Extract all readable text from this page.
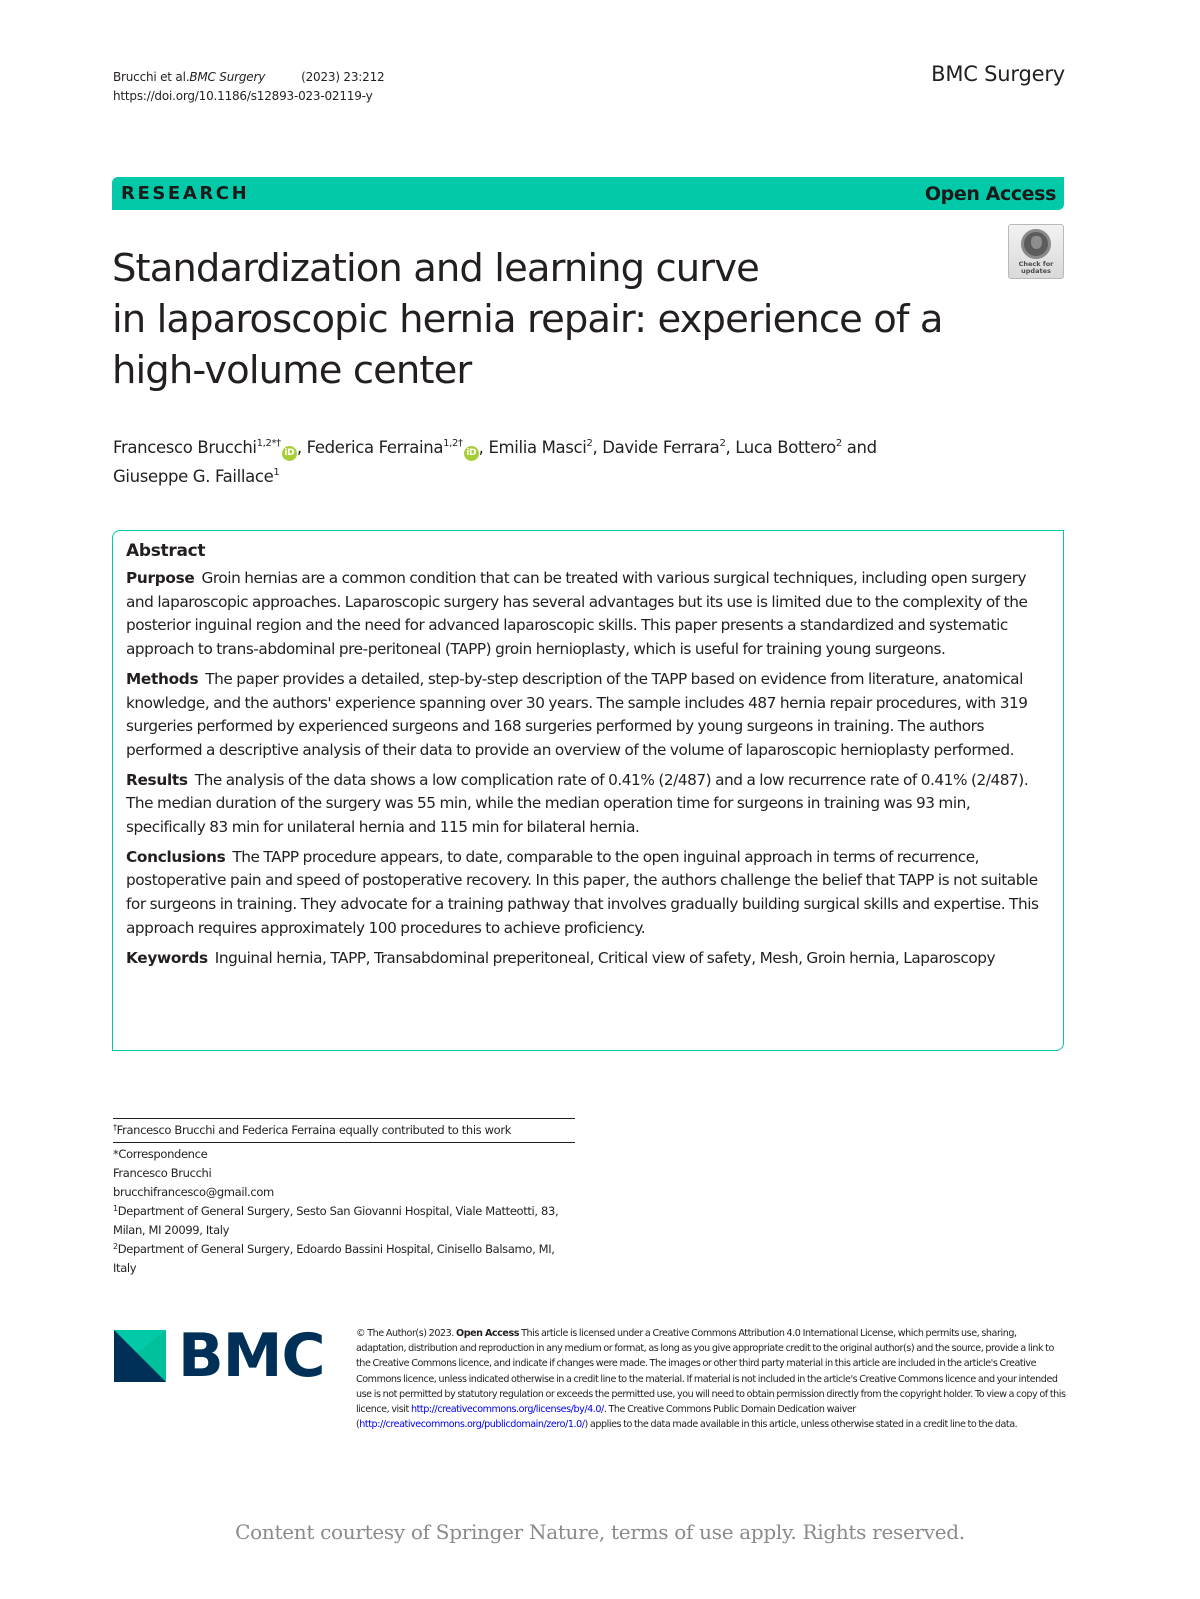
Brucchi et al. BMC Surgery	(2023) 23:212
https://doi.org/10.1186/s12893-023-02119-y
BMC Surgery
RESEARCH	Open Access
Check for
updates
Standardization and learning curve
in laparoscopic hernia repair: experience of a
high-volume center
Francesco Brucchi$^{1,2*\dagger}$iD , Federica Ferraina$^{1,2\dagger}$iD , Emilia Masci$^2$, Davide Ferrara$^2$, Luca Bottero$^2$ and
Giuseppe G. Faillace$^1$
Abstract

Purpose Groin hernias are a common condition that can be treated with various surgical techniques, including open surgery and laparoscopic approaches. Laparoscopic surgery has several advantages but its use is limited due to the complexity of the posterior inguinal region and the need for advanced laparoscopic skills. This paper presents a standardized and systematic approach to trans-abdominal pre-peritoneal (TAPP) groin hernioplasty, which is useful for training young surgeons.

Methods The paper provides a detailed, step-by-step description of the TAPP based on evidence from literature, anatomical knowledge, and the authors' experience spanning over 30 years. The sample includes 487 hernia repair procedures, with 319 surgeries performed by experienced surgeons and 168 surgeries performed by young surgeons in training. The authors performed a descriptive analysis of their data to provide an overview of the volume of laparoscopic hernioplasty performed.

Results The analysis of the data shows a low complication rate of 0.41% (2/487) and a low recurrence rate of 0.41% (2/487). The median duration of the surgery was 55 min, while the median operation time for surgeons in training was 93 min, specifically 83 min for unilateral hernia and 115 min for bilateral hernia.

Conclusions The TAPP procedure appears, to date, comparable to the open inguinal approach in terms of recurrence, postoperative pain and speed of postoperative recovery. In this paper, the authors challenge the belief that TAPP is not suitable for surgeons in training. They advocate for a training pathway that involves gradually building surgical skills and expertise. This approach requires approximately 100 procedures to achieve proficiency.

Keywords Inguinal hernia, TAPP, Transabdominal preperitoneal, Critical view of safety, Mesh, Groin hernia, Laparoscopy

†Francesco Brucchi and Federica Ferraina equally contributed to this work
*Correspondence
Francesco Brucchi
brucchifrancesco@gmail.com
$^1$Department of General Surgery, Sesto San Giovanni Hospital, Viale Matteotti, 83, Milan, MI 20099, Italy
$^2$Department of General Surgery, Edoardo Bassini Hospital, Cinisello Balsamo, MI, Italy
BMC	© The Author(s) 2023. Open Access This article is licensed under a Creative Commons Attribution 4.0 International License, which permits use, sharing, adaptation, distribution and reproduction in any medium or format, as long as you give appropriate credit to the original author(s) and the source, provide a link to the Creative Commons licence, and indicate if changes were made. The images or other third party material in this article are included in the article's Creative Commons licence, unless indicated otherwise in a credit line to the material. If material is not included in the article's Creative Commons licence and your intended use is not permitted by statutory regulation or exceeds the permitted use, you will need to obtain permission directly from the copyright holder. To view a copy of this licence, visit http://creativecommons.org/licenses/by/4.0/. The Creative Commons Public Domain Dedication waiver (http://creativecommons.org/publicdomain/zero/1.0/) applies to the data made available in this article, unless otherwise stated in a credit line to the data.
Content courtesy of Springer Nature, terms of use apply. Rights reserved.
